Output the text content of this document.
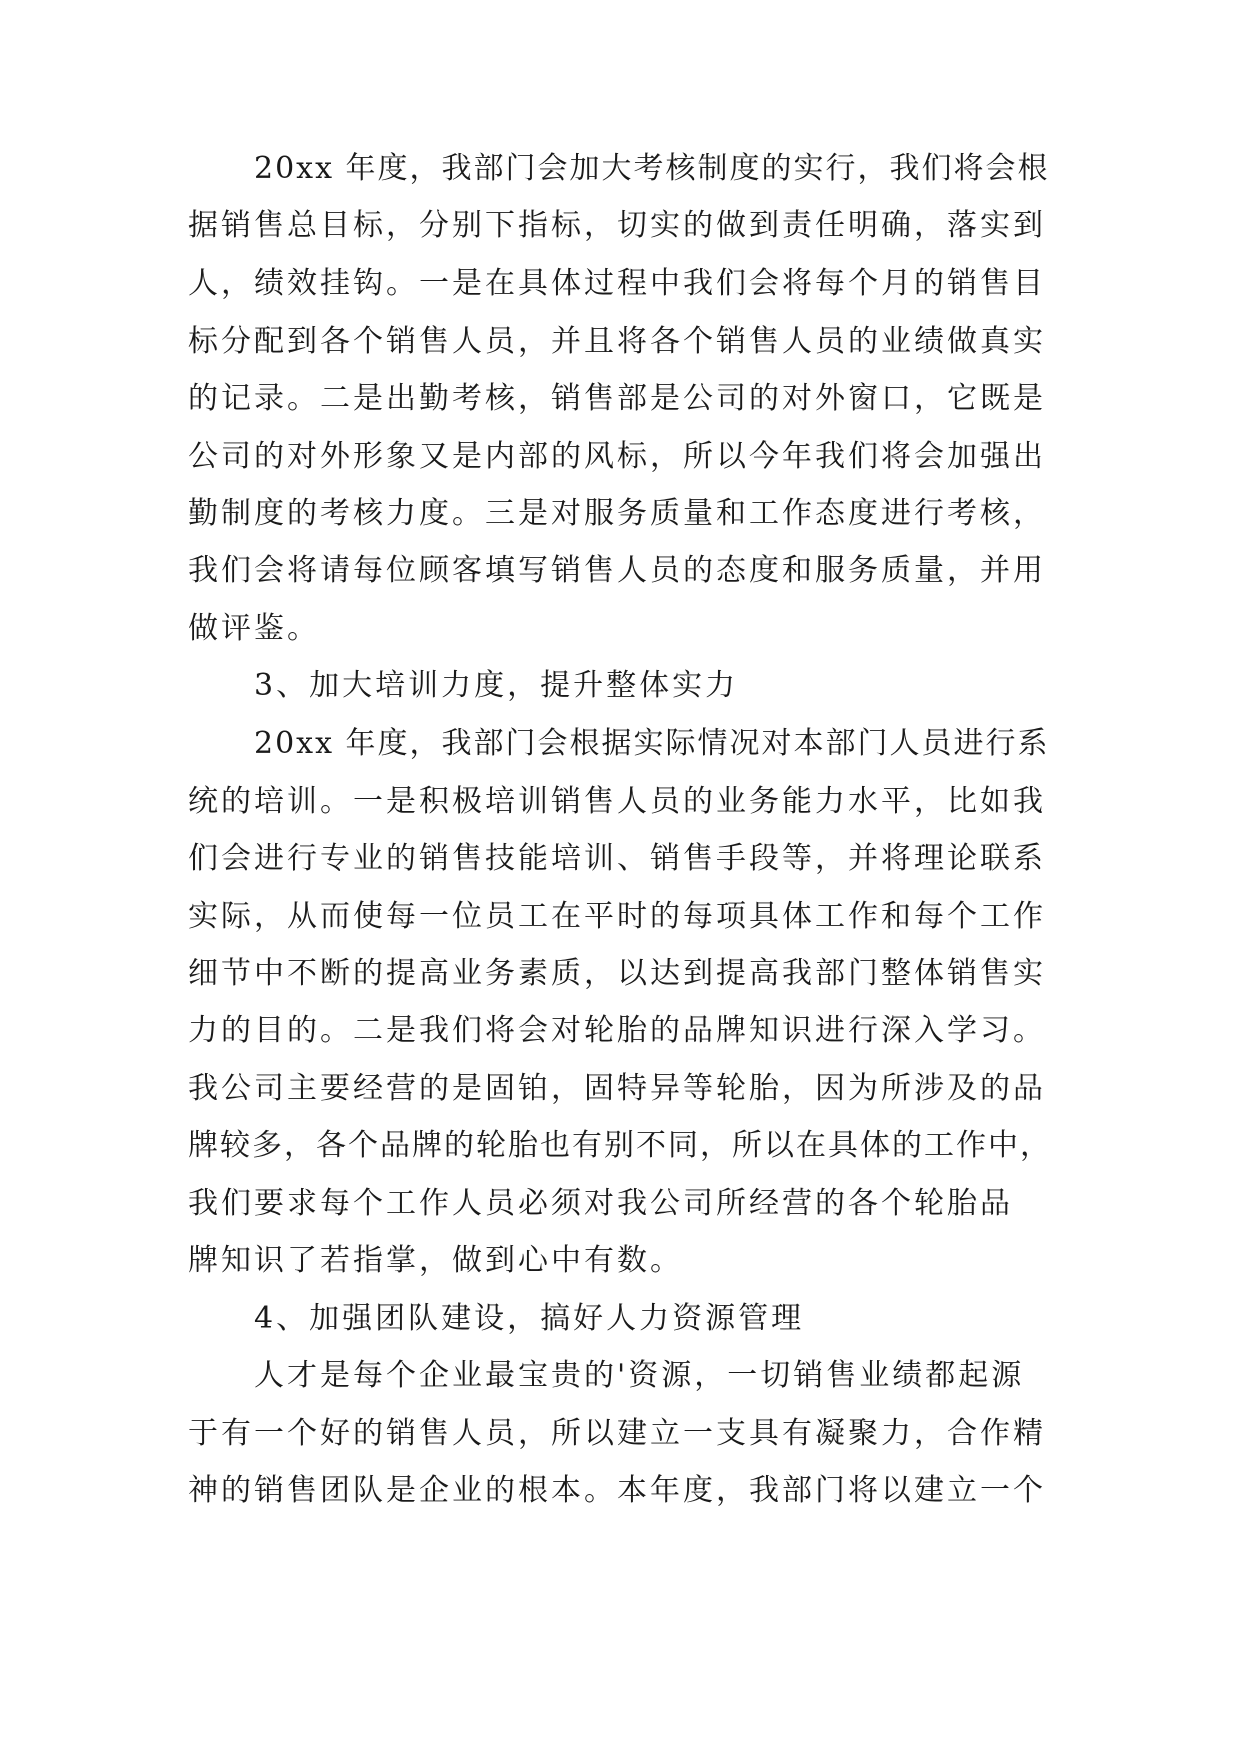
20xx 年度，我部门会加大考核制度的实行，我们将会根
据销售总目标，分别下指标，切实的做到责任明确，落实到
人，绩效挂钩。一是在具体过程中我们会将每个月的销售目
标分配到各个销售人员，并且将各个销售人员的业绩做真实
的记录。二是出勤考核，销售部是公司的对外窗口，它既是
公司的对外形象又是内部的风标，所以今年我们将会加强出
勤制度的考核力度。三是对服务质量和工作态度进行考核，
我们会将请每位顾客填写销售人员的态度和服务质量，并用
做评鉴。
3、加大培训力度，提升整体实力
20xx 年度，我部门会根据实际情况对本部门人员进行系
统的培训。一是积极培训销售人员的业务能力水平，比如我
们会进行专业的销售技能培训、销售手段等，并将理论联系
实际，从而使每一位员工在平时的每项具体工作和每个工作
细节中不断的提高业务素质，以达到提高我部门整体销售实
力的目的。二是我们将会对轮胎的品牌知识进行深入学习。
我公司主要经营的是固铂，固特异等轮胎，因为所涉及的品
牌较多，各个品牌的轮胎也有别不同，所以在具体的工作中，
我们要求每个工作人员必须对我公司所经营的各个轮胎品
牌知识了若指掌，做到心中有数。
4、加强团队建设，搞好人力资源管理
人才是每个企业最宝贵的'资源，一切销售业绩都起源
于有一个好的销售人员，所以建立一支具有凝聚力，合作精
神的销售团队是企业的根本。本年度，我部门将以建立一个
